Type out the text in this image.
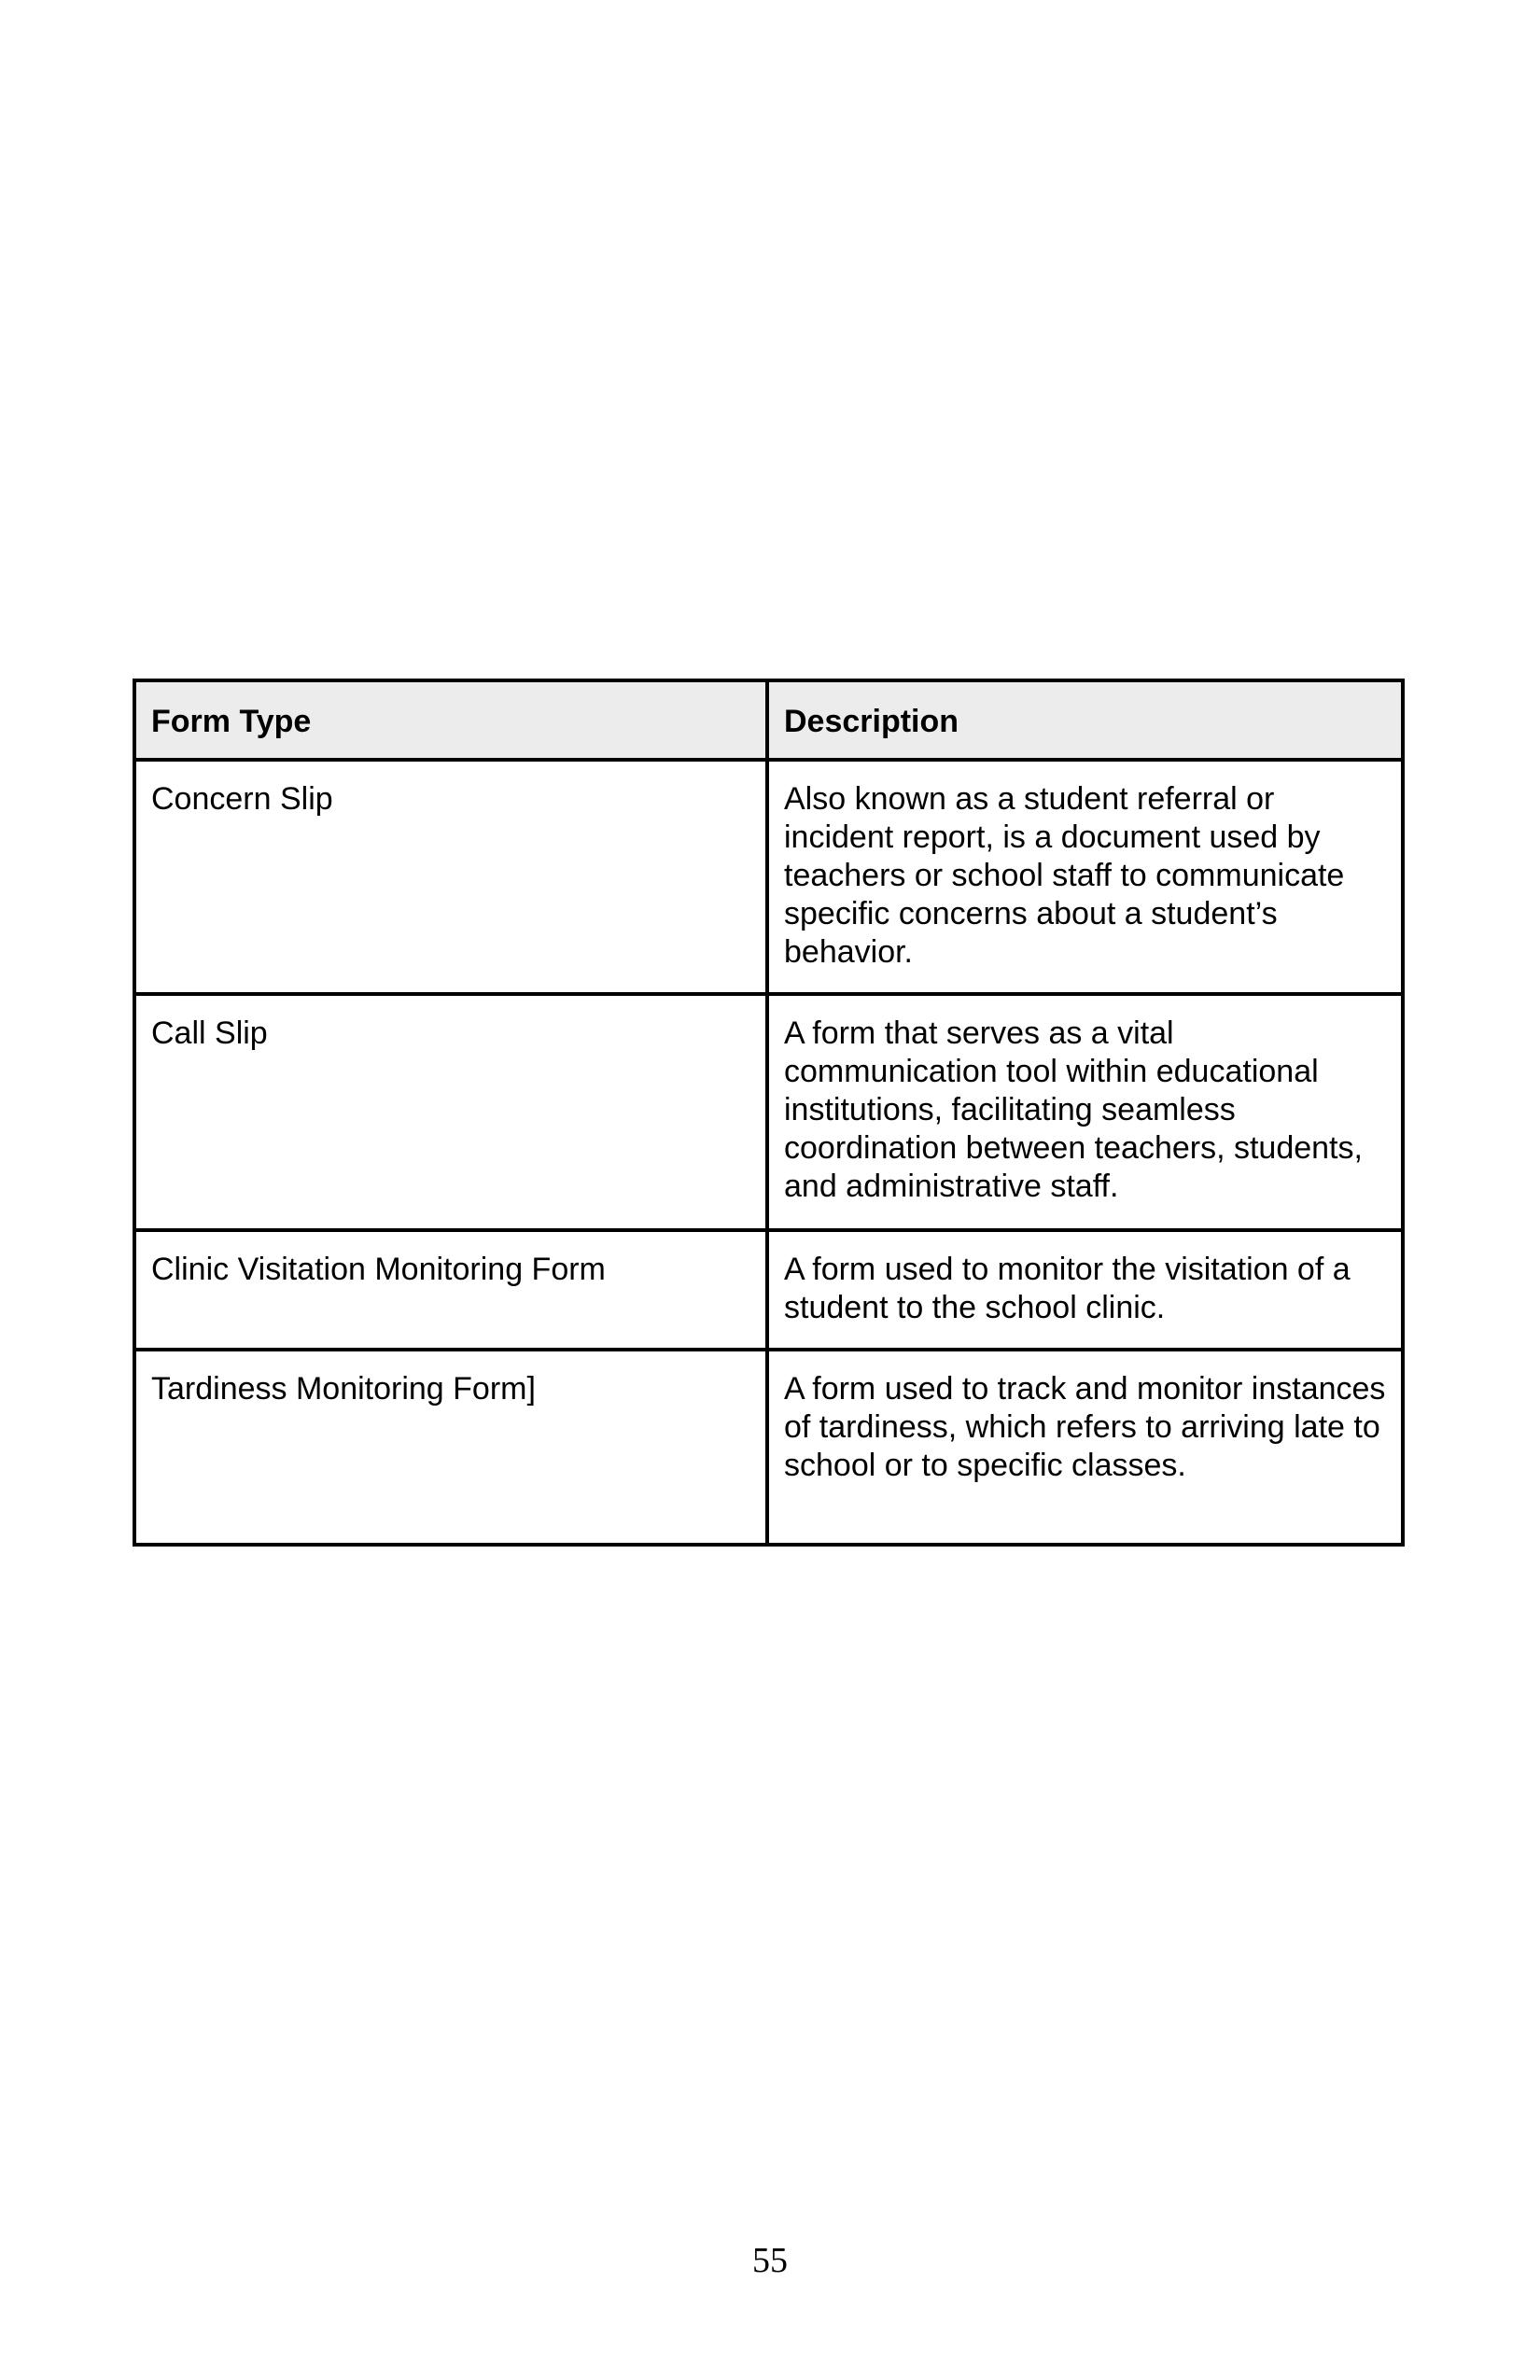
Form Type	Description

Concern Slip	Also known as a student referral or incident report, is a document used by teachers or school staff to communicate specific concerns about a student’s behavior.

Call Slip	A form that serves as a vital communication tool within educational institutions, facilitating seamless coordination between teachers, students, and administrative staff.

Clinic Visitation Monitoring Form	A form used to monitor the visitation of a student to the school clinic.

Tardiness Monitoring Form]	A form used to track and monitor instances of tardiness, which refers to arriving late to school or to specific classes.
55
